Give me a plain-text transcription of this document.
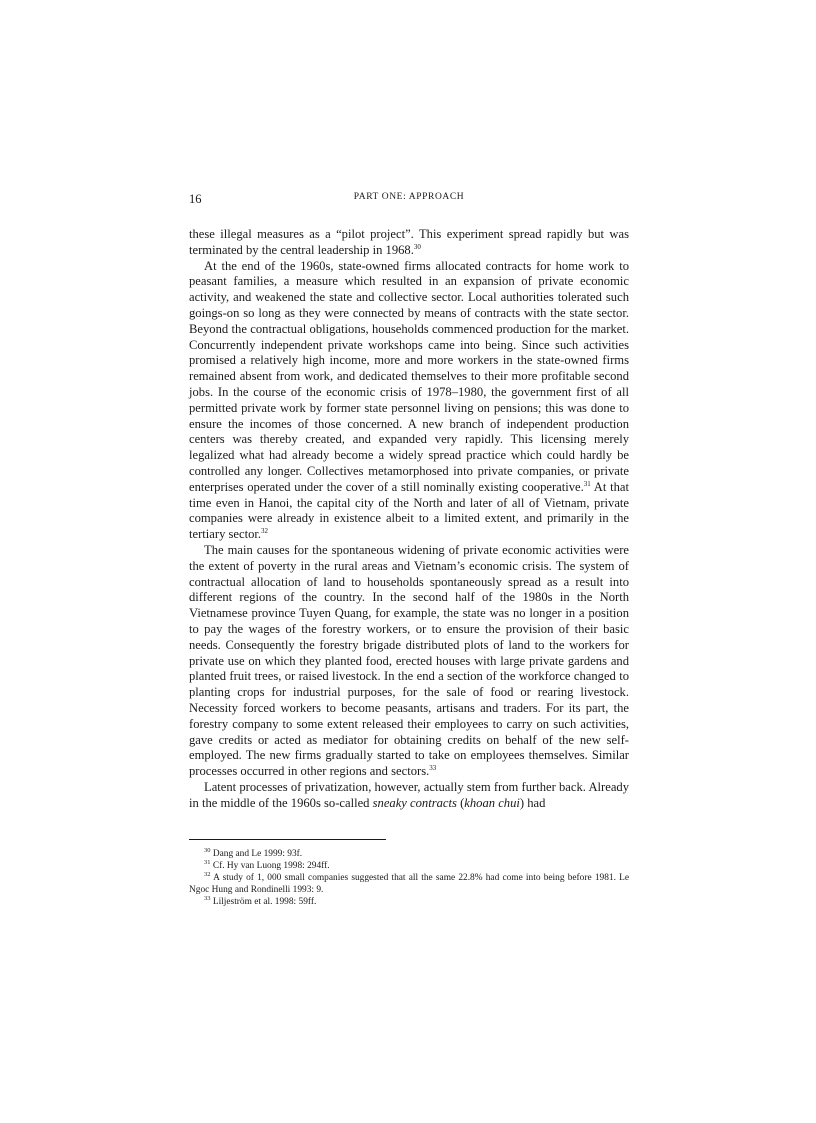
16	PART ONE: APPROACH

these illegal measures as a “pilot project”. This experiment spread rapidly but was terminated by the central leadership in 1968.30

At the end of the 1960s, state-owned firms allocated contracts for home work to peasant families, a measure which resulted in an expansion of private economic activity, and weakened the state and collective sector. Local authorities tolerated such goings-on so long as they were connected by means of contracts with the state sector. Beyond the contractual obligations, households commenced production for the market. Concurrently independent private workshops came into being. Since such activities promised a relatively high income, more and more workers in the state-owned firms remained absent from work, and dedicated themselves to their more profitable second jobs. In the course of the economic crisis of 1978–1980, the government first of all permitted private work by former state personnel living on pensions; this was done to ensure the incomes of those concerned. A new branch of independent production centers was thereby created, and expanded very rapidly. This licensing merely legalized what had already become a widely spread practice which could hardly be controlled any longer. Collectives metamorphosed into private companies, or private enterprises operated under the cover of a still nominally existing cooperative.$^{31}$ At that time even in Hanoi, the capital city of the North and later of all of Vietnam, private companies were already in existence albeit to a limited extent, and primarily in the tertiary sector.$^{32}$

The main causes for the spontaneous widening of private economic activities were the extent of poverty in the rural areas and Vietnam’s economic crisis. The system of contractual allocation of land to households spontaneously spread as a result into different regions of the country. In the second half of the 1980s in the North Vietnamese province Tuyen Quang, for example, the state was no longer in a position to pay the wages of the forestry workers, or to ensure the provision of their basic needs. Consequently the forestry brigade distributed plots of land to the workers for private use on which they planted food, erected houses with large private gardens and planted fruit trees, or raised livestock. In the end a section of the workforce changed to planting crops for industrial purposes, for the sale of food or rearing livestock. Necessity forced workers to become peasants, artisans and traders. For its part, the forestry company to some extent released their employees to carry on such activities, gave credits or acted as mediator for obtaining credits on behalf of the new self-employed. The new firms gradually started to take on employees themselves. Similar processes occurred in other regions and sectors.$^{33}$

Latent processes of privatization, however, actually stem from further back. Already in the middle of the 1960s so-called sneaky contracts (khoan chui) had

$^{30}$ Dang and Le 1999: 93f.

$^{31}$ Cf. Hy van Luong 1998: 294ff.

$^{32}$ A study of 1, 000 small companies suggested that all the same 22.8% had come into being before 1981. Le Ngoc Hung and Rondinelli 1993: 9.

$^{33}$ Liljeström et al. 1998: 59ff.
